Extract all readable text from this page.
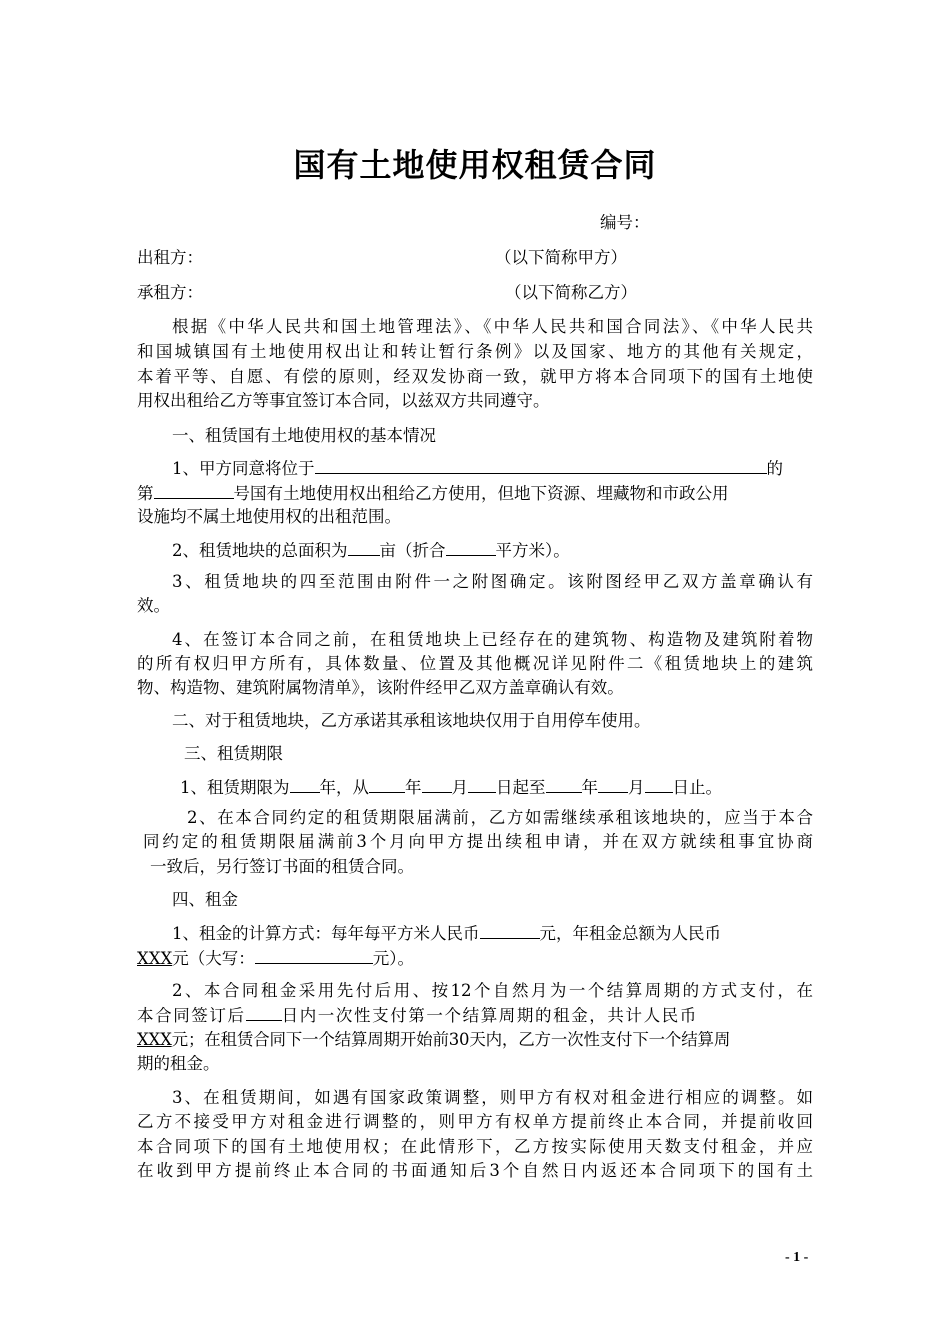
国有土地使用权租赁合同
编号：
出租方：	（以下简称甲方）
承租方：	（以下简称乙方）
根据《中华人民共和国土地管理法》、《中华人民共和国合同法》、《中华人民共
和国城镇国有土地使用权出让和转让暂行条例》以及国家、地方的其他有关规定，
本着平等、自愿、有偿的原则，经双发协商一致，就甲方将本合同项下的国有土地使
用权出租给乙方等事宜签订本合同，以兹双方共同遵守。
一、租赁国有土地使用权的基本情况
1、甲方同意将位于	的
第	号国有土地使用权出租给乙方使用，但地下资源、埋藏物和市政公用
设施均不属土地使用权的出租范围。
2、租赁地块的总面积为 亩（折合	平方米）。
3、租赁地块的四至范围由附件一之附图确定。该附图经甲乙双方盖章确认有
效。
4、在签订本合同之前，在租赁地块上已经存在的建筑物、构造物及建筑附着物
的所有权归甲方所有，具体数量、位置及其他概况详见附件二《租赁地块上的建筑
物、构造物、建筑附属物清单》，该附件经甲乙双方盖章确认有效。
二、对于租赁地块，乙方承诺其承租该地块仅用于自用停车使用。
三、租赁期限
1、租赁期限为 年，从 年 月 日起至 年 月 日止。
2、在本合同约定的租赁期限届满前，乙方如需继续承租该地块的，应当于本合
同约定的租赁期限届满前3个月向甲方提出续租申请，并在双方就续租事宜协商
一致后，另行签订书面的租赁合同。
四、租金
1、租金的计算方式：每年每平方米人民币	元，年租金总额为人民币
XXX元（大写：	元）。
2、本合同租金采用先付后用、按12个自然月为一个结算周期的方式支付，在
本合同签订后 日内一次性支付第一个结算周期的租金，共计人民币
XXX元；在租赁合同下一个结算周期开始前30天内，乙方一次性支付下一个结算周
期的租金。
3、在租赁期间，如遇有国家政策调整，则甲方有权对租金进行相应的调整。如
乙方不接受甲方对租金进行调整的，则甲方有权单方提前终止本合同，并提前收回
本合同项下的国有土地使用权；在此情形下，乙方按实际使用天数支付租金，并应
在收到甲方提前终止本合同的书面通知后3个自然日内返还本合同项下的国有土
- 1 -
